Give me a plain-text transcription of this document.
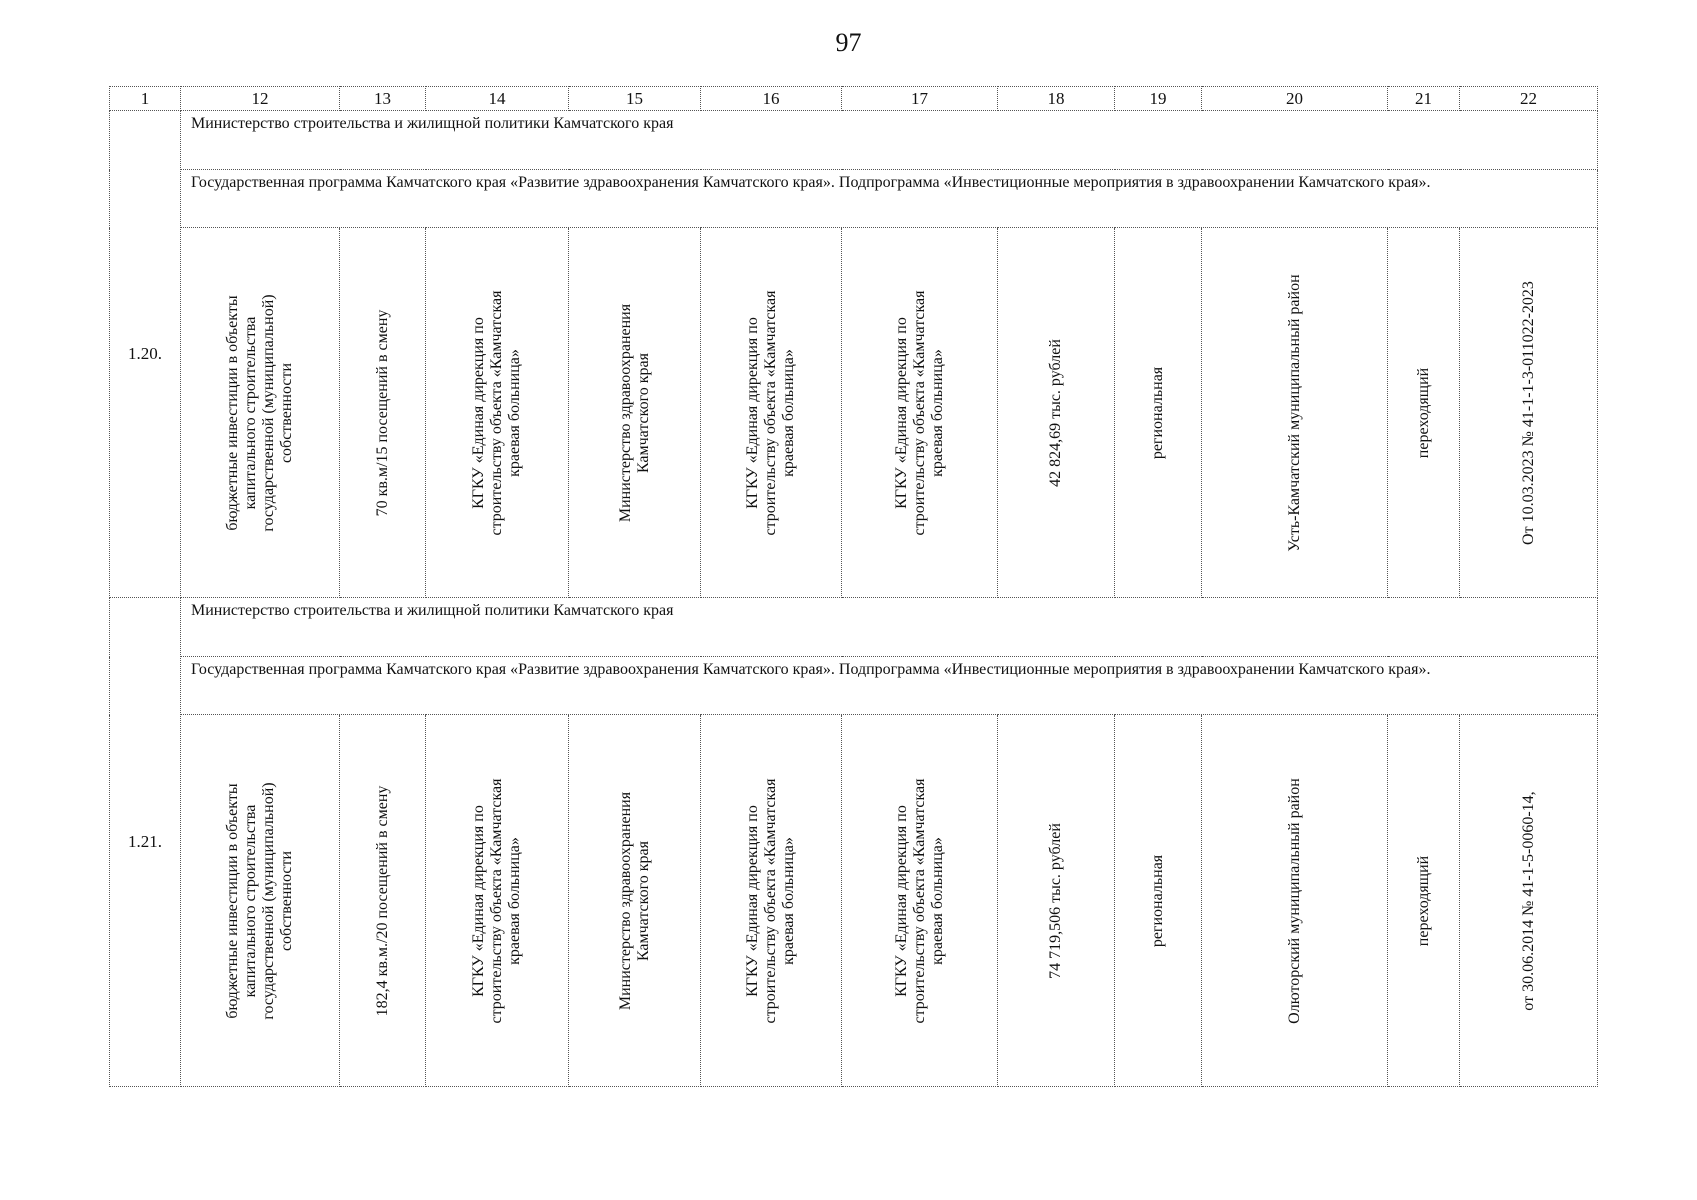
97
1	12	13	14	15	16	17	18	19	20	21	22
1.20.	Министерство строительства и жилищной политики Камчатского края										
	Государственная программа Камчатского края «Развитие здравоохранения Камчатского края». Подпрограмма «Инвестиционные мероприятия в здравоохранении Камчатского края».										

	бюджетные инвестиции в объекты капитального строительства государственной (муниципальной) собственности	70 кв.м/15 посещений в смену	КГКУ «Единая дирекция по строительству объекта «Камчатская краевая больница»	Министерство здравоохранения Камчатского края	КГКУ «Единая дирекция по строительству объекта «Камчатская краевая больница»	КГКУ «Единая дирекция по строительству объекта «Камчатская краевая больница»	42 824,69 тыс. рублей	региональная	Усть-Камчатский муниципальный район	переходящий	От 10.03.2023 № 41-1-1-3-011022-2023

1.21.	Министерство строительства и жилищной политики Камчатского края										
	Государственная программа Камчатского края «Развитие здравоохранения Камчатского края». Подпрограмма «Инвестиционные мероприятия в здравоохранении Камчатского края».										

	бюджетные инвестиции в объекты капитального строительства государственной (муниципальной) собственности	182,4 кв.м./20 посещений в смену	КГКУ «Единая дирекция по строительству объекта «Камчатская краевая больница»	Министерство здравоохранения Камчатского края	КГКУ «Единая дирекция по строительству объекта «Камчатская краевая больница»	КГКУ «Единая дирекция по строительству объекта «Камчатская краевая больница»	74 719,506 тыс. рублей	региональная	Олюторский муниципальный район	переходящий	от 30.06.2014 № 41-1-5-0060-14,
